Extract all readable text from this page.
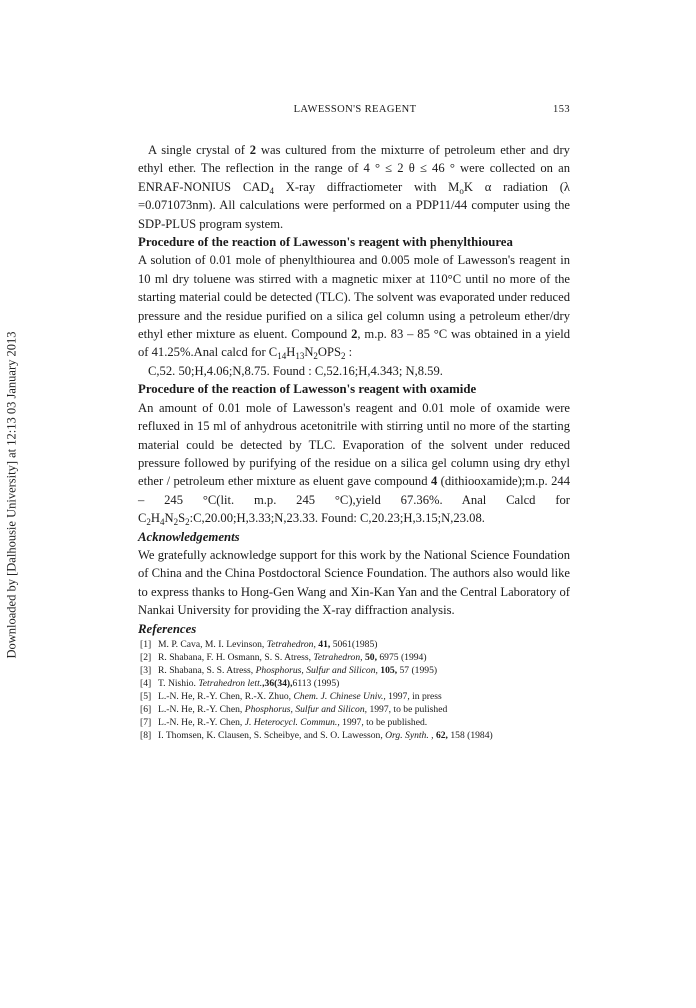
Downloaded by [Dalhousie University] at 12:13 03 January 2013
LAWESSON'S REAGENT	153

A single crystal of 2 was cultured from the mixturre of petroleum ether and dry ethyl ether. The reflection in the range of 4 ° ≤ 2 θ ≤ 46 ° were collected on an ENRAF-NONIUS $CAD_4$ X-ray diffractiometer with $M_oK$ α radiation (λ =0.071073nm). All calculations were performed on a PDP11/44 computer using the SDP-PLUS program system.

Procedure of the reaction of Lawesson's reagent with phenylthiourea

A solution of 0.01 mole of phenylthiourea and 0.005 mole of Lawesson's reagent in 10 ml dry toluene was stirred with a magnetic mixer at 110°C until no more of the starting material could be detected (TLC). The solvent was evaporated under reduced pressure and the residue purified on a silica gel column using a petroleum ether/dry ethyl ether mixture as eluent. Compound 2, m.p. 83 – 85 °C was obtained in a yield of 41.25%.Anal calcd for $C_{14}H_{13}N_2OPS_2$ :

C,52. 50;H,4.06;N,8.75. Found : C,52.16;H,4.343; N,8.59.

Procedure of the reaction of Lawesson's reagent with oxamide

An amount of 0.01 mole of Lawesson's reagent and 0.01 mole of oxamide were refluxed in 15 ml of anhydrous acetonitrile with stirring until no more of the starting material could be detected by TLC. Evaporation of the solvent under reduced pressure followed by purifying of the residue on a silica gel column using dry ethyl ether / petroleum ether mixture as eluent gave compound 4 (dithiooxamide);m.p. 244 – 245 °C(lit. m.p. 245 °C),yield 67.36%. Anal Calcd for $C_2H_4N_2S_2:C,20.00;H,3.33;N,23.33$. Found: C,20.23;H,3.15;N,23.08.

Acknowledgements

We gratefully acknowledge support for this work by the National Science Foundation of China and the China Postdoctoral Science Foundation. The authors also would like to express thanks to Hong-Gen Wang and Xin-Kan Yan and the Central Laboratory of Nankai University for providing the X-ray diffraction analysis.

References

[1] M. P. Cava, M. I. Levinson, Tetrahedron, 41, 5061(1985)
[2] R. Shabana, F. H. Osmann, S. S. Atress, Tetrahedron, 50, 6975 (1994)
[3] R. Shabana, S. S. Atress, Phosphorus, Sulfur and Silicon, 105, 57 (1995)
[4] T. Nishio. Tetrahedron lett.,36(34),6113 (1995)
[5] L.-N. He, R.-Y. Chen, R.-X. Zhuo, Chem. J. Chinese Univ., 1997, in press
[6] L.-N. He, R.-Y. Chen, Phosphorus, Sulfur and Silicon, 1997, to be pulished
[7] L.-N. He, R.-Y. Chen, J. Heterocycl. Commun., 1997, to be published.
[8] I. Thomsen, K. Clausen, S. Scheibye, and S. O. Lawesson, Org. Synth. , 62, 158 (1984)
